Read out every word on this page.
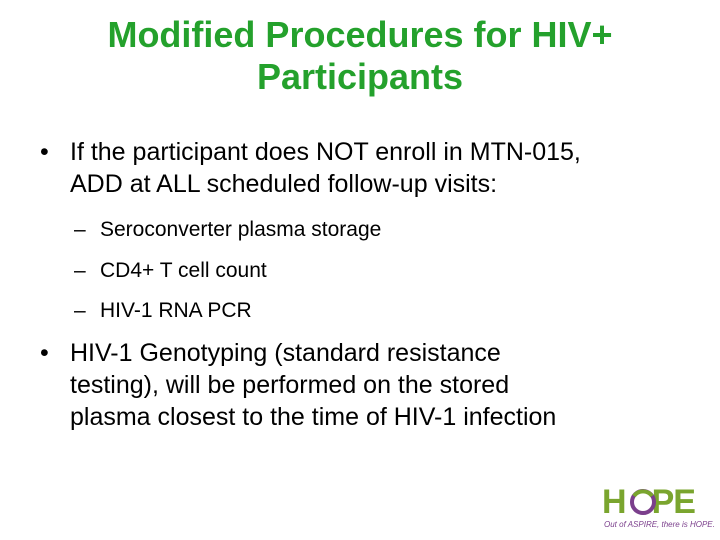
Modified Procedures for HIV+
Participants
• If the participant does NOT enroll in MTN-015,
ADD at ALL scheduled follow-up visits:
– Seroconverter plasma storage
– CD4+ T cell count
– HIV-1 RNA PCR
• HIV-1 Genotyping (standard resistance
testing), will be performed on the stored
plasma closest to the time of HIV-1 infection
H PE
Out of ASPIRE, there is HOPE.
